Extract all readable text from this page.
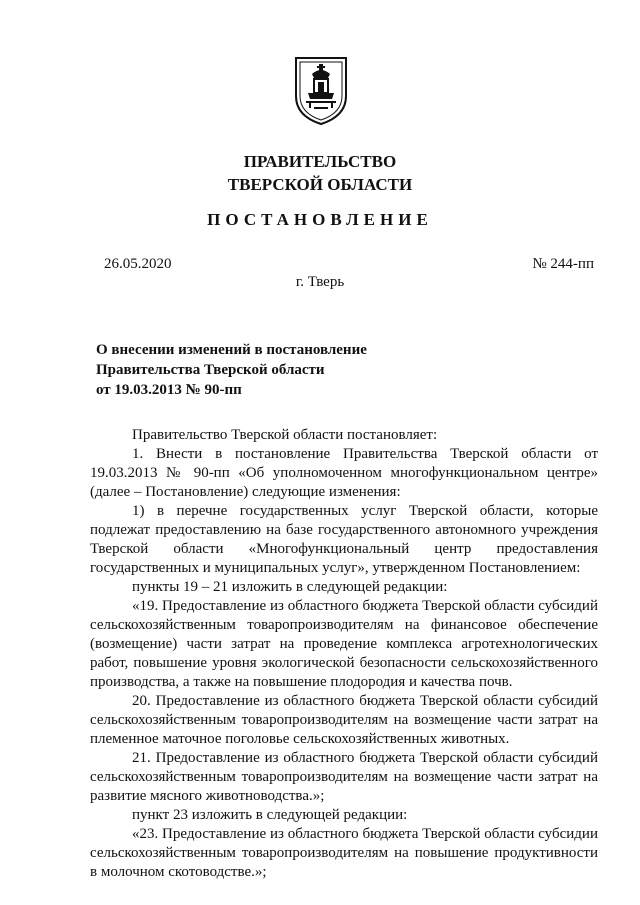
ПРАВИТЕЛЬСТВО
ТВЕРСКОЙ ОБЛАСТИ
ПОСТАНОВЛЕНИЕ
26.05.2020	№ 244-пп
г. Тверь
О внесении изменений в постановление
Правительства Тверской области
от 19.03.2013 № 90-пп

Правительство Тверской области постановляет:

1. Внести в постановление Правительства Тверской области от 19.03.2013 № 90-пп «Об уполномоченном многофункциональном центре» (далее – Постановление) следующие изменения:

1) в перечне государственных услуг Тверской области, которые подлежат предоставлению на базе государственного автономного учреждения Тверской области «Многофункциональный центр предоставления государственных и муниципальных услуг», утвержденном Постановлением:

пункты 19 – 21 изложить в следующей редакции:

«19. Предоставление из областного бюджета Тверской области субсидий сельскохозяйственным товаропроизводителям на финансовое обеспечение (возмещение) части затрат на проведение комплекса агротехнологических работ, повышение уровня экологической безопасности сельскохозяйственного производства, а также на повышение плодородия и качества почв.

20. Предоставление из областного бюджета Тверской области субсидий сельскохозяйственным товаропроизводителям на возмещение части затрат на племенное маточное поголовье сельскохозяйственных животных.

21. Предоставление из областного бюджета Тверской области субсидий сельскохозяйственным товаропроизводителям на возмещение части затрат на развитие мясного животноводства.»;

пункт 23 изложить в следующей редакции:

«23. Предоставление из областного бюджета Тверской области субсидии сельскохозяйственным товаропроизводителям на повышение продуктивности в молочном скотоводстве.»;
